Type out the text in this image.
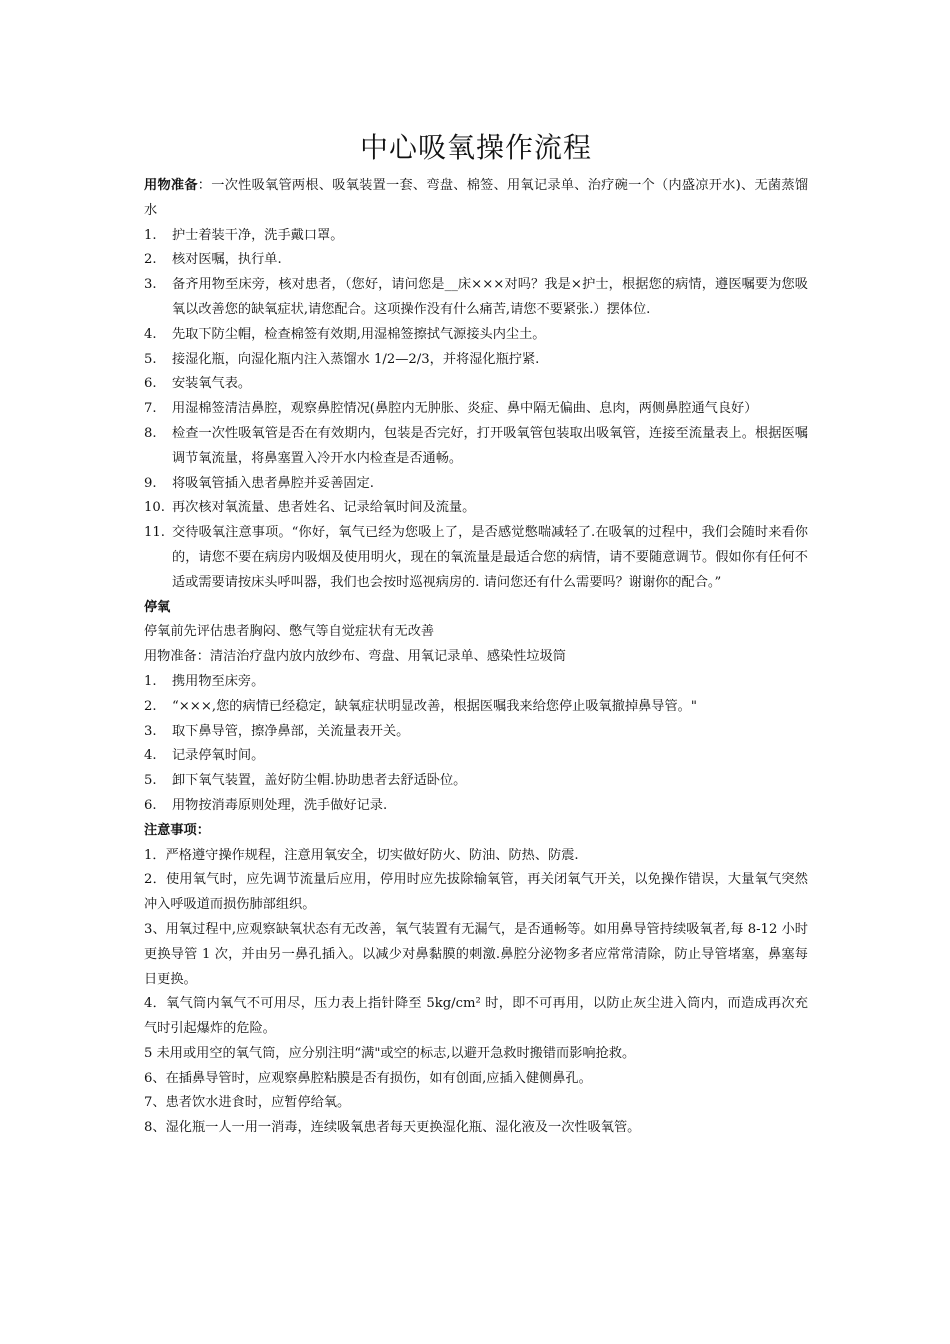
中心吸氧操作流程

用物准备：一次性吸氧管两根、吸氧装置一套、弯盘、棉签、用氧记录单、治疗碗一个（内盛凉开水)、无菌蒸馏水

1.	护士着装干净，洗手戴口罩。
2.	核对医嘱，执行单.
3.	备齐用物至床旁，核对患者，（您好，请问您是__床×××对吗？我是×护士，根据您的病情，遵医嘱要为您吸氧以改善您的缺氧症状,请您配合。这项操作没有什么痛苦,请您不要紧张.）摆体位.
4.	先取下防尘帽，检查棉签有效期,用湿棉签擦拭气源接头内尘土。
5.	接湿化瓶，向湿化瓶内注入蒸馏水 1/2—2/3，并将湿化瓶拧紧.
6.	安装氧气表。
7.	用湿棉签清洁鼻腔，观察鼻腔情况(鼻腔内无肿胀、炎症、鼻中隔无偏曲、息肉，两侧鼻腔通气良好）
8.	检查一次性吸氧管是否在有效期内，包装是否完好，打开吸氧管包装取出吸氧管，连接至流量表上。根据医嘱调节氧流量，将鼻塞置入冷开水内检查是否通畅。
9.	将吸氧管插入患者鼻腔并妥善固定.
10. 再次核对氧流量、患者姓名、记录给氧时间及流量。
11. 交待吸氧注意事项。“你好，氧气已经为您吸上了，是否感觉憋喘减轻了.在吸氧的过程中，我们会随时来看你的，请您不要在病房内吸烟及使用明火，现在的氧流量是最适合您的病情，请不要随意调节。假如你有任何不适或需要请按床头呼叫器，我们也会按时巡视病房的. 请问您还有什么需要吗？谢谢你的配合。”

停氧

停氧前先评估患者胸闷、憋气等自觉症状有无改善

用物准备：清洁治疗盘内放内放纱布、弯盘、用氧记录单、感染性垃圾筒

1.	携用物至床旁。
2.	“×××,您的病情已经稳定，缺氧症状明显改善，根据医嘱我来给您停止吸氧撤掉鼻导管。"
3.	取下鼻导管，擦净鼻部，关流量表开关。
4.	记录停氧时间。
5.	卸下氧气装置，盖好防尘帽.协助患者去舒适卧位。
6.	用物按消毒原则处理，洗手做好记录.

注意事项：

1．严格遵守操作规程，注意用氧安全，切实做好防火、防油、防热、防震.

2．使用氧气时，应先调节流量后应用，停用时应先拔除输氧管，再关闭氧气开关，以免操作错误，大量氧气突然冲入呼吸道而损伤肺部组织。

3、用氧过程中,应观察缺氧状态有无改善，氧气装置有无漏气，是否通畅等。如用鼻导管持续吸氧者,每 8-12 小时更换导管 1 次，并由另一鼻孔插入。以减少对鼻黏膜的刺激.鼻腔分泌物多者应常常清除，防止导管堵塞，鼻塞每日更换。

4．氧气筒内氧气不可用尽，压力表上指针降至 5kg/cm² 时，即不可再用，以防止灰尘进入筒内，而造成再次充气时引起爆炸的危险。

5 未用或用空的氧气筒，应分别注明“满"或空的标志,以避开急救时搬错而影响抢救。

6、在插鼻导管时，应观察鼻腔粘膜是否有损伤，如有创面,应插入健侧鼻孔。

7、患者饮水进食时，应暂停给氧。

8、湿化瓶一人一用一消毒，连续吸氧患者每天更换湿化瓶、湿化液及一次性吸氧管。
